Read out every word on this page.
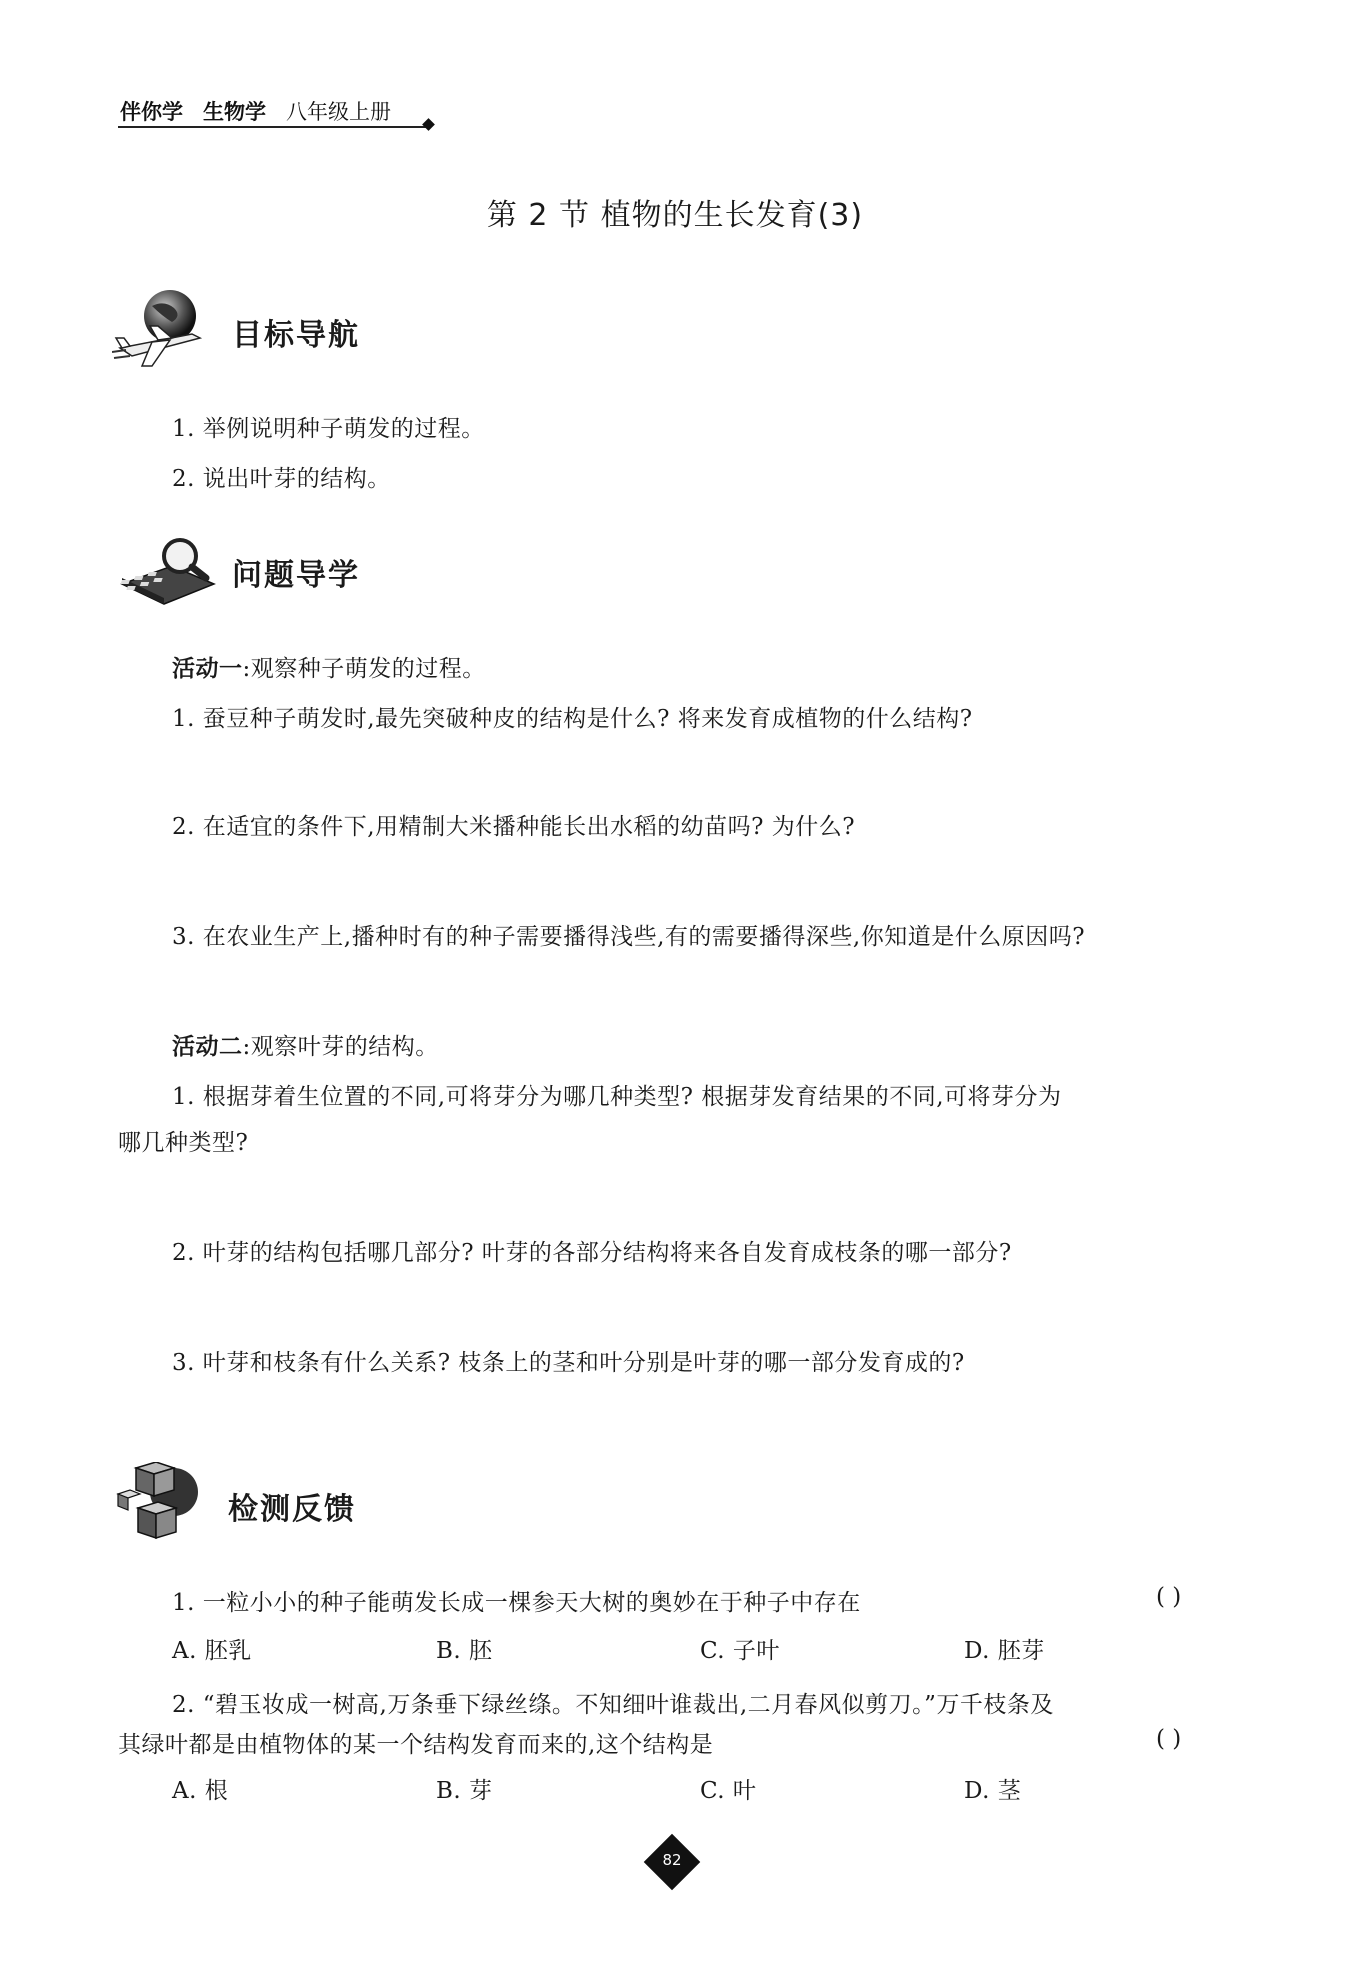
伴你学 生物学 八年级上册
第 2 节 植物的生长发育(3)
目标导航
1. 举例说明种子萌发的过程。
2. 说出叶芽的结构。
问题导学
活动一:观察种子萌发的过程。
1. 蚕豆种子萌发时,最先突破种皮的结构是什么? 将来发育成植物的什么结构?
2. 在适宜的条件下,用精制大米播种能长出水稻的幼苗吗? 为什么?
3. 在农业生产上,播种时有的种子需要播得浅些,有的需要播得深些,你知道是什么原因吗?
活动二:观察叶芽的结构。
1. 根据芽着生位置的不同,可将芽分为哪几种类型? 根据芽发育结果的不同,可将芽分为
哪几种类型?
2. 叶芽的结构包括哪几部分? 叶芽的各部分结构将来各自发育成枝条的哪一部分?
3. 叶芽和枝条有什么关系? 枝条上的茎和叶分别是叶芽的哪一部分发育成的?
检测反馈
1. 一粒小小的种子能萌发长成一棵参天大树的奥妙在于种子中存在	( )
A. 胚乳	B. 胚	C. 子叶	D. 胚芽
2. “碧玉妆成一树高,万条垂下绿丝绦。不知细叶谁裁出,二月春风似剪刀。”万千枝条及
其绿叶都是由植物体的某一个结构发育而来的,这个结构是	( )
A. 根	B. 芽	C. 叶	D. 茎
82
